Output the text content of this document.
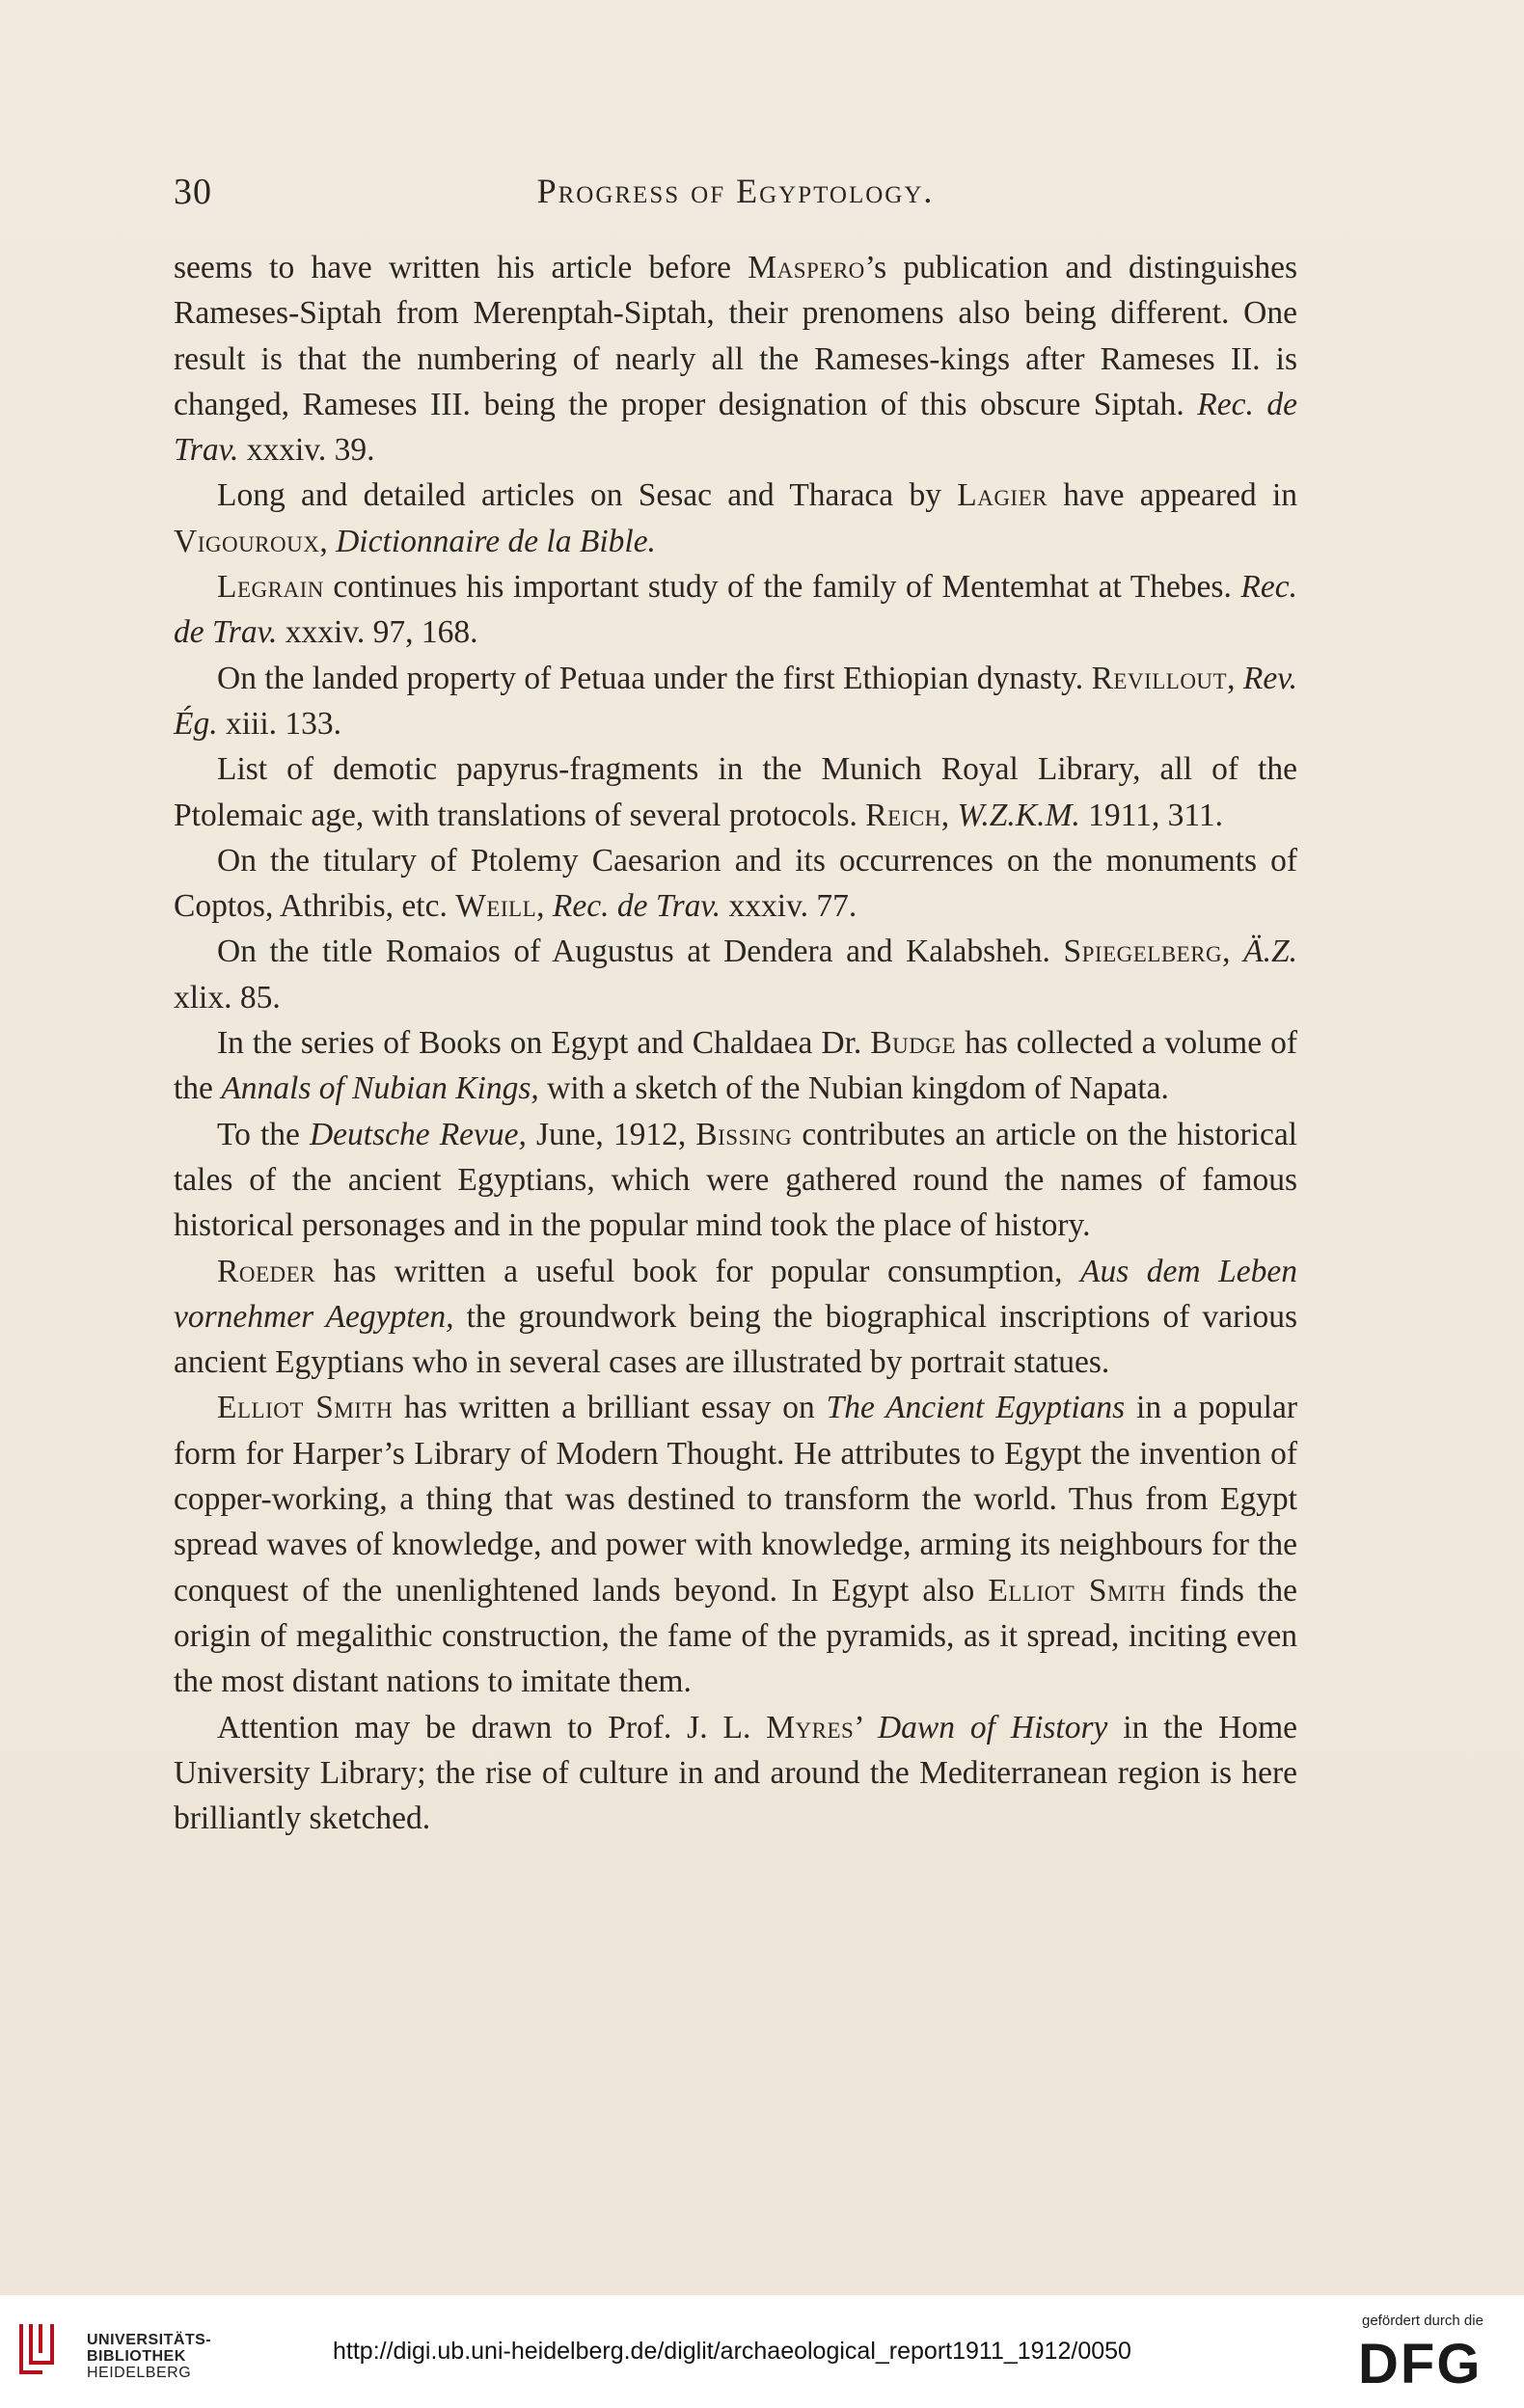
30	Progress of Egyptology.

seems to have written his article before Maspero’s publication and distinguishes Rameses-Siptah from Merenptah-Siptah, their prenomens also being different. One result is that the numbering of nearly all the Rameses-kings after Rameses II. is changed, Rameses III. being the proper designation of this obscure Siptah. Rec. de Trav. xxxiv. 39.

Long and detailed articles on Sesac and Tharaca by Lagier have appeared in Vigouroux, Dictionnaire de la Bible.

Legrain continues his important study of the family of Mentemhat at Thebes. Rec. de Trav. xxxiv. 97, 168.

On the landed property of Petuaa under the first Ethiopian dynasty. Revillout, Rev. Ég. xiii. 133.

List of demotic papyrus-fragments in the Munich Royal Library, all of the Ptolemaic age, with translations of several protocols. Reich, W.Z.K.M. 1911, 311.

On the titulary of Ptolemy Caesarion and its occurrences on the monuments of Coptos, Athribis, etc. Weill, Rec. de Trav. xxxiv. 77.

On the title Romaios of Augustus at Dendera and Kalabsheh. Spiegelberg, Ä.Z. xlix. 85.

In the series of Books on Egypt and Chaldaea Dr. Budge has collected a volume of the Annals of Nubian Kings, with a sketch of the Nubian kingdom of Napata.

To the Deutsche Revue, June, 1912, Bissing contributes an article on the historical tales of the ancient Egyptians, which were gathered round the names of famous historical personages and in the popular mind took the place of history.

Roeder has written a useful book for popular consumption, Aus dem Leben vornehmer Aegypten, the groundwork being the biographical inscriptions of various ancient Egyptians who in several cases are illustrated by portrait statues.

Elliot Smith has written a brilliant essay on The Ancient Egyptians in a popular form for Harper’s Library of Modern Thought. He attributes to Egypt the invention of copper-working, a thing that was destined to transform the world. Thus from Egypt spread waves of knowledge, and power with knowledge, arming its neighbours for the conquest of the unenlightened lands beyond. In Egypt also Elliot Smith finds the origin of megalithic construction, the fame of the pyramids, as it spread, inciting even the most distant nations to imitate them.

Attention may be drawn to Prof. J. L. Myres’ Dawn of History in the Home University Library; the rise of culture in and around the Mediterranean region is here brilliantly sketched.

UNIVERSITÄTS-
BIBLIOTHEK
HEIDELBERG
http://digi.ub.uni-heidelberg.de/diglit/archaeological_report1911_1912/0050
gefördert durch die
DFG
